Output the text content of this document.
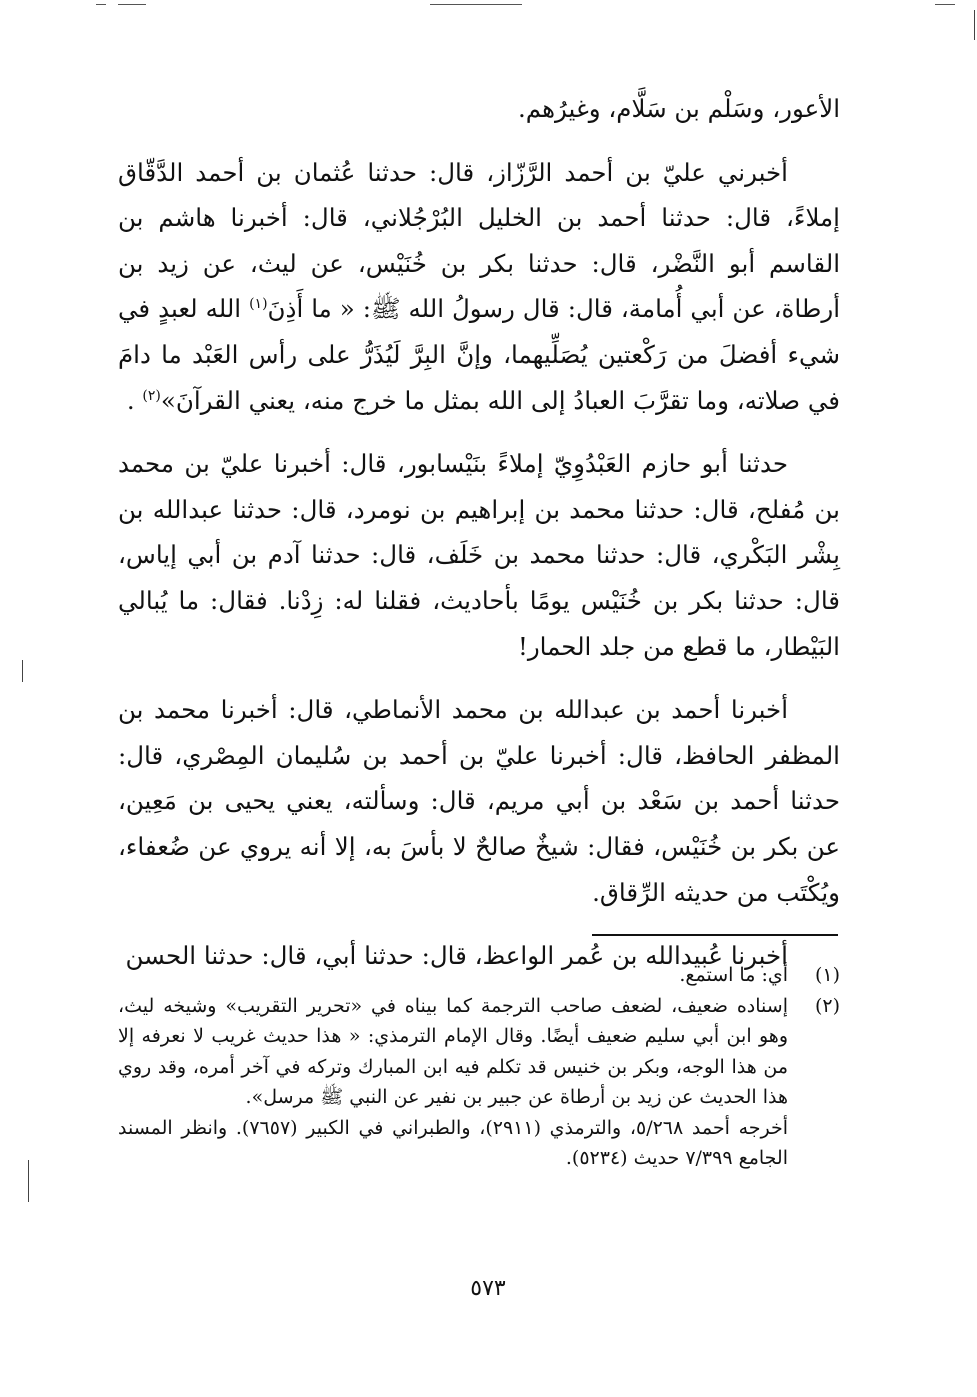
الأعور، وسَلْم بن سَلَّام، وغيرُهم.

أخبرني عليّ بن أحمد الرَّزّاز، قال: حدثنا عُثمان بن أحمد الدَّقّاق إملاءً، قال: حدثنا أحمد بن الخليل البُرْجُلاني، قال: أخبرنا هاشم بن القاسم أبو النَّضْر، قال: حدثنا بكر بن خُنَيْس، عن ليث، عن زيد بن أرطاة، عن أبي أُمامة، قال: قال رسولُ الله ﷺ: « ما أَذِنَ$^{(١)}$ الله لعبدٍ في شيء أفضلَ من رَكْعتين يُصَلِّيهما، وإنَّ البِرَّ لَيُذَرُّ على رأس العَبْد ما دامَ في صلاته، وما تقرَّبَ العبادُ إلى الله بمثل ما خرج منه، يعني القرآنَ»$^{(٢)}$ .

حدثنا أبو حازم العَبْدُوِيّ إملاءً بنَيْسابور، قال: أخبرنا عليّ بن محمد بن مُفلح، قال: حدثنا محمد بن إبراهيم بن نومرد، قال: حدثنا عبدالله بن بِشْر البَكْري، قال: حدثنا محمد بن خَلَف، قال: حدثنا آدم بن أبي إياس، قال: حدثنا بكر بن خُنَيْس يومًا بأحاديث، فقلنا له: زِدْنا. فقال: ما يُبالي البَيْطار، ما قطع من جلد الحمار!

أخبرنا أحمد بن عبدالله بن محمد الأنماطي، قال: أخبرنا محمد بن المظفر الحافظ، قال: أخبرنا عليّ بن أحمد بن سُليمان المِصْري، قال: حدثنا أحمد بن سَعْد بن أبي مريم، قال: وسألته، يعني يحيى بن مَعِين، عن بكر بن خُنَيْس، فقال: شيخٌ صالحٌ لا بأسَ به، إلا أنه يروي عن ضُعفاء، ويُكْتَب من حديثه الرِّقاق.

أخبرنا عُبيدالله بن عُمر الواعظ، قال: حدثنا أبي، قال: حدثنا الحسن

(١)

أي: ما استمع.

(٢)

إسناده ضعيف، لضعف صاحب الترجمة كما بيناه في «تحرير التقريب» وشيخه ليث، وهو ابن أبي سليم ضعيف أيضًا. وقال الإمام الترمذي: « هذا حديث غريب لا نعرفه إلا من هذا الوجه، وبكر بن خنيس قد تكلم فيه ابن المبارك وتركه في آخر أمره، وقد روي هذا الحديث عن زيد بن أرطاة عن جبير بن نفير عن النبي ﷺ مرسل».

أخرجه أحمد ٥/٢٦٨، والترمذي (٢٩١١)، والطبراني في الكبير (٧٦٥٧). وانظر المسند الجامع ٧/٣٩٩ حديث (٥٢٣٤).

٥٧٣
